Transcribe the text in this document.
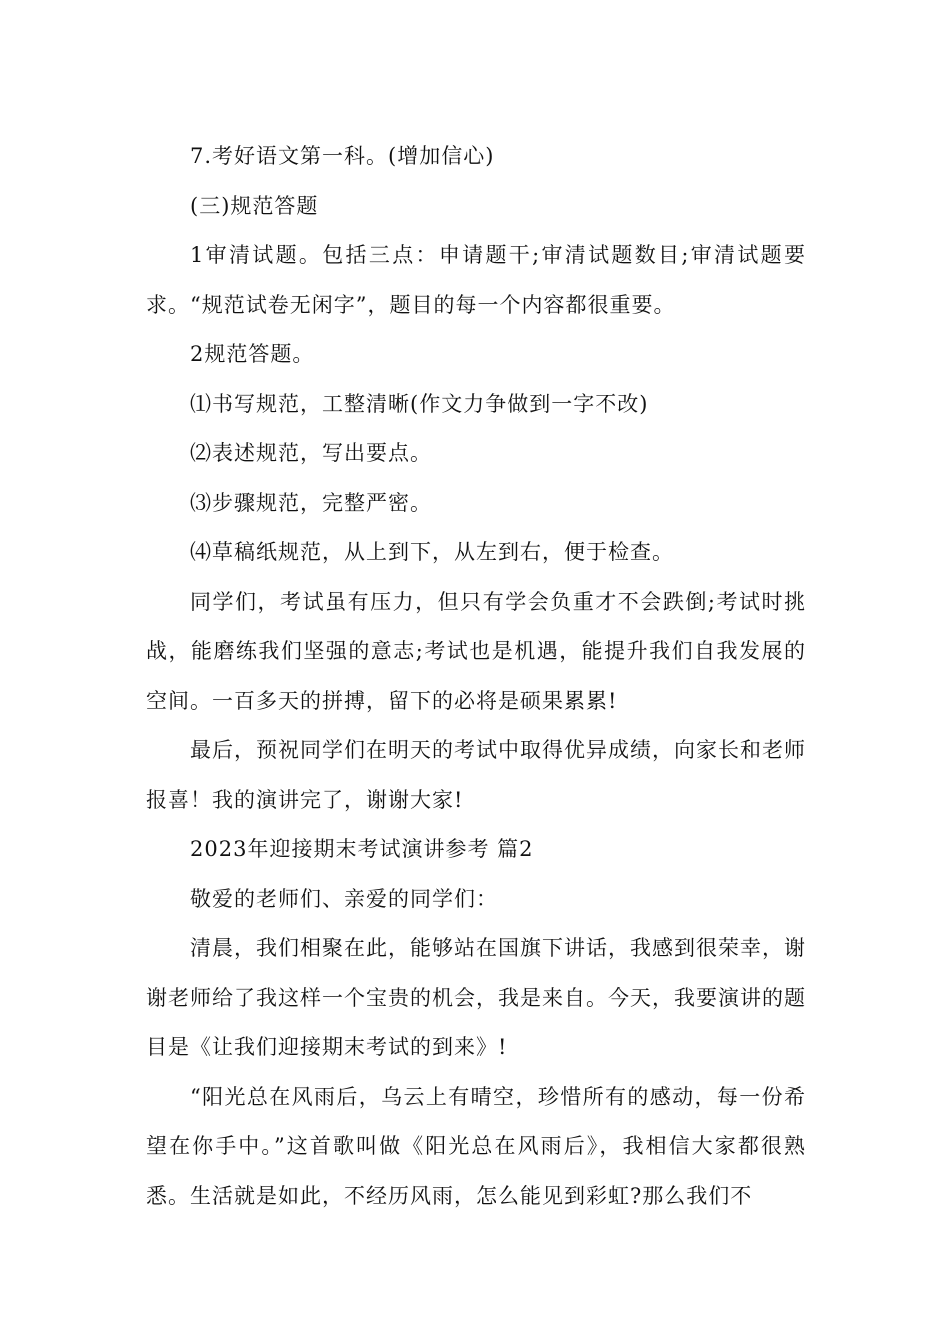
7.考好语文第一科。(增加信心)

(三)规范答题

1审清试题。包括三点：申请题干;审清试题数目;审清试题要求。“规范试卷无闲字”，题目的每一个内容都很重要。

2规范答题。

⑴书写规范，工整清晰(作文力争做到一字不改)

⑵表述规范，写出要点。

⑶步骤规范，完整严密。

⑷草稿纸规范，从上到下，从左到右，便于检查。

同学们，考试虽有压力，但只有学会负重才不会跌倒;考试时挑战，能磨练我们坚强的意志;考试也是机遇，能提升我们自我发展的空间。一百多天的拼搏，留下的必将是硕果累累!

最后，预祝同学们在明天的考试中取得优异成绩，向家长和老师报喜！我的演讲完了，谢谢大家!

2023年迎接期末考试演讲参考 篇2

敬爱的老师们、亲爱的同学们：

清晨，我们相聚在此，能够站在国旗下讲话，我感到很荣幸，谢谢老师给了我这样一个宝贵的机会，我是来自。今天，我要演讲的题目是《让我们迎接期末考试的到来》!

“阳光总在风雨后，乌云上有晴空，珍惜所有的感动，每一份希望在你手中。”这首歌叫做《阳光总在风雨后》，我相信大家都很熟悉。生活就是如此，不经历风雨，怎么能见到彩虹?那么我们不
